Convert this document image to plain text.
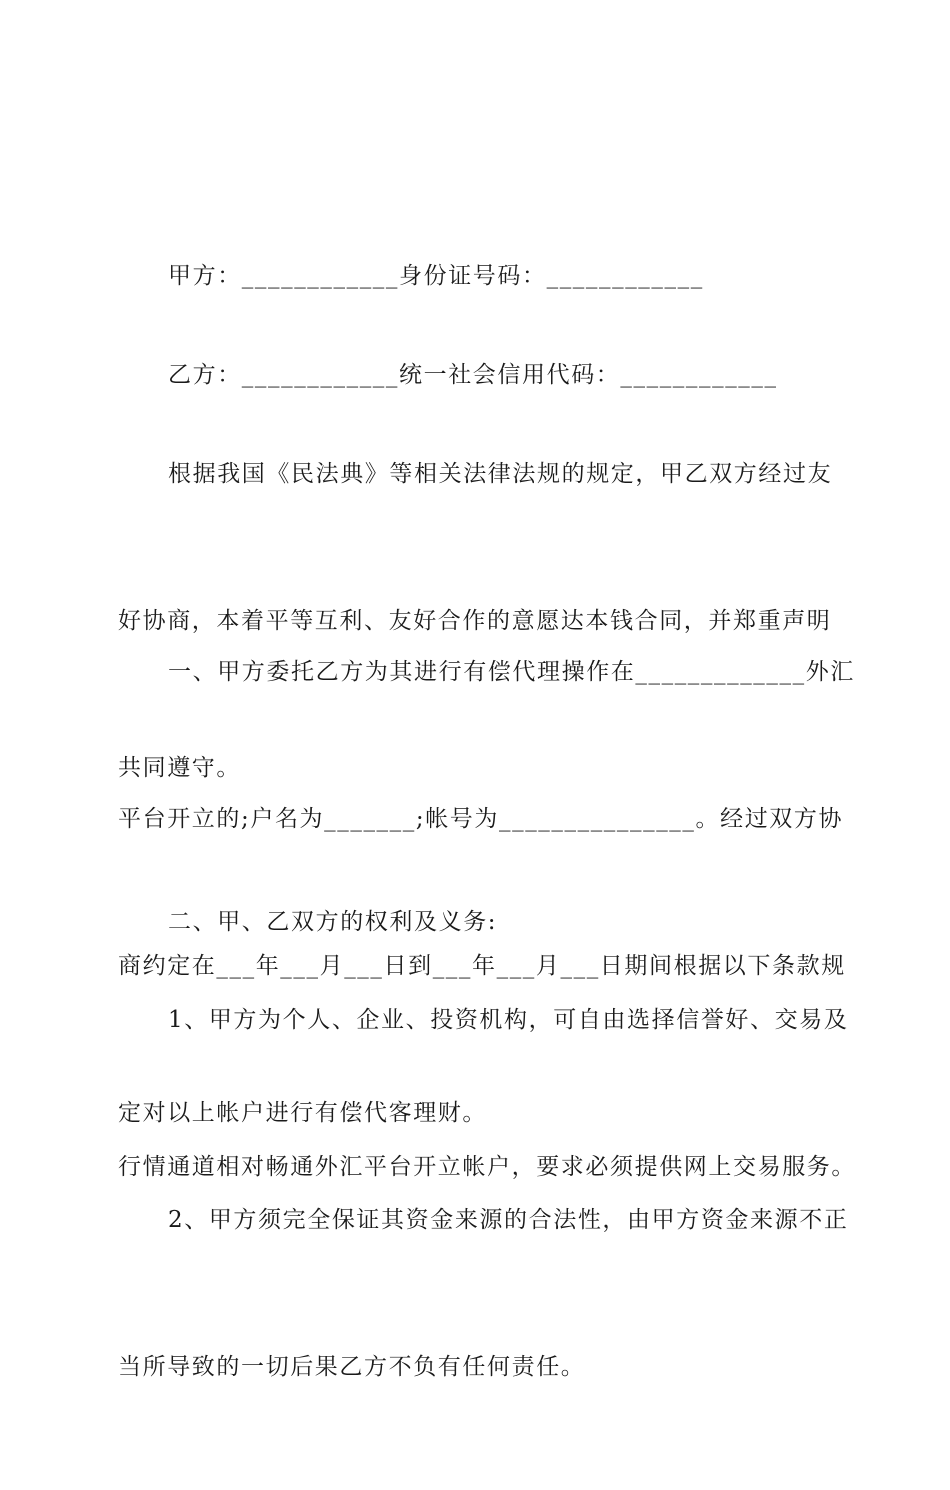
甲方：____________身份证号码：____________

乙方：____________统一社会信用代码：____________

根据我国《民法典》等相关法律法规的规定，甲乙双方经过友

好协商，本着平等互利、友好合作的意愿达本钱合同，并郑重声明

共同遵守。

一、甲方委托乙方为其进行有偿代理操作在_____________外汇

平台开立的;户名为_______;帐号为_______________。经过双方协

商约定在___年___月___日到___年___月___日期间根据以下条款规

定对以上帐户进行有偿代客理财。

二、甲、乙双方的权利及义务:

1、甲方为个人、企业、投资机构，可自由选择信誉好、交易及

行情通道相对畅通外汇平台开立帐户，要求必须提供网上交易服务。

2、甲方须完全保证其资金来源的合法性，由甲方资金来源不正

当所导致的一切后果乙方不负有任何责任。
